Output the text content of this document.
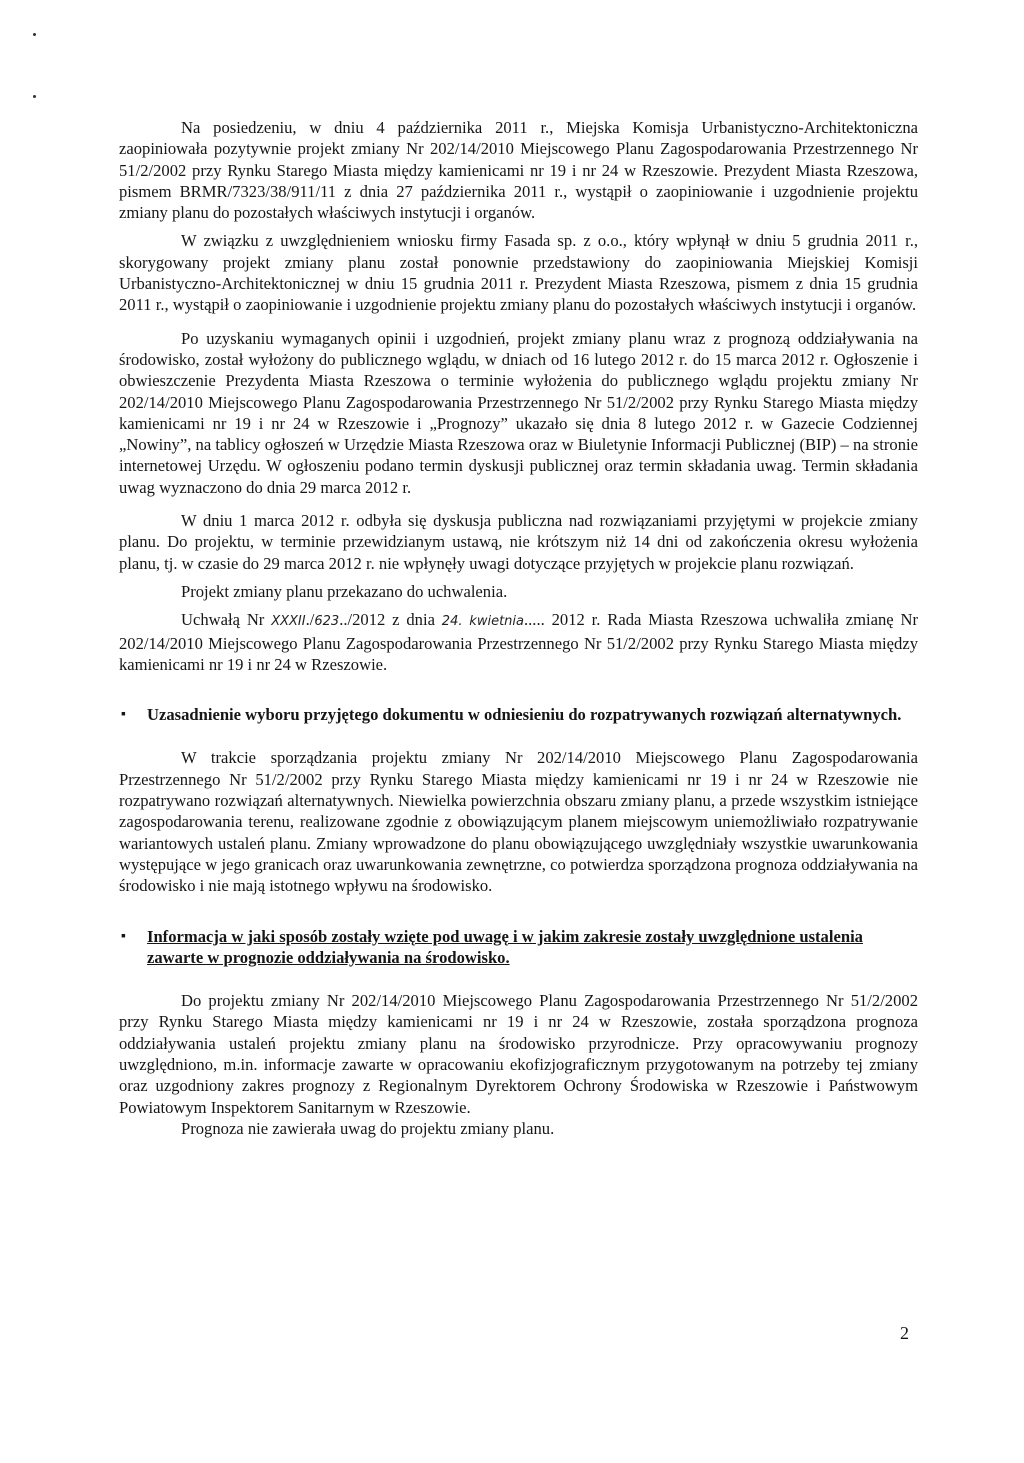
Na posiedzeniu, w dniu 4 października 2011 r., Miejska Komisja Urbanistyczno-Architektoniczna zaopiniowała pozytywnie projekt zmiany Nr 202/14/2010 Miejscowego Planu Zagospodarowania Przestrzennego Nr 51/2/2002 przy Rynku Starego Miasta między kamienicami nr 19 i nr 24 w Rzeszowie. Prezydent Miasta Rzeszowa, pismem BRMR/7323/38/911/11 z dnia 27 października 2011 r., wystąpił o zaopiniowanie i uzgodnienie projektu zmiany planu do pozostałych właściwych instytucji i organów.

W związku z uwzględnieniem wniosku firmy Fasada sp. z o.o., który wpłynął w dniu 5 grudnia 2011 r., skorygowany projekt zmiany planu został ponownie przedstawiony do zaopiniowania Miejskiej Komisji Urbanistyczno-Architektonicznej w dniu 15 grudnia 2011 r. Prezydent Miasta Rzeszowa, pismem z dnia 15 grudnia 2011 r., wystąpił o zaopiniowanie i uzgodnienie projektu zmiany planu do pozostałych właściwych instytucji i organów.

Po uzyskaniu wymaganych opinii i uzgodnień, projekt zmiany planu wraz z prognozą oddziaływania na środowisko, został wyłożony do publicznego wglądu, w dniach od 16 lutego 2012 r. do 15 marca 2012 r. Ogłoszenie i obwieszczenie Prezydenta Miasta Rzeszowa o terminie wyłożenia do publicznego wglądu projektu zmiany Nr 202/14/2010 Miejscowego Planu Zagospodarowania Przestrzennego Nr 51/2/2002 przy Rynku Starego Miasta między kamienicami nr 19 i nr 24 w Rzeszowie i „Prognozy” ukazało się dnia 8 lutego 2012 r. w Gazecie Codziennej „Nowiny”, na tablicy ogłoszeń w Urzędzie Miasta Rzeszowa oraz w Biuletynie Informacji Publicznej (BIP) – na stronie internetowej Urzędu. W ogłoszeniu podano termin dyskusji publicznej oraz termin składania uwag. Termin składania uwag wyznaczono do dnia 29 marca 2012 r.

W dniu 1 marca 2012 r. odbyła się dyskusja publiczna nad rozwiązaniami przyjętymi w projekcie zmiany planu. Do projektu, w terminie przewidzianym ustawą, nie krótszym niż 14 dni od zakończenia okresu wyłożenia planu, tj. w czasie do 29 marca 2012 r. nie wpłynęły uwagi dotyczące przyjętych w projekcie planu rozwiązań.

Projekt zmiany planu przekazano do uchwalenia.

Uchwałą Nr XXXII./623../2012 z dnia 24. kwietnia..... 2012 r. Rada Miasta Rzeszowa uchwaliła zmianę Nr 202/14/2010 Miejscowego Planu Zagospodarowania Przestrzennego Nr 51/2/2002 przy Rynku Starego Miasta między kamienicami nr 19 i nr 24 w Rzeszowie.

▪	Uzasadnienie wyboru przyjętego dokumentu w odniesieniu do rozpatrywanych rozwiązań alternatywnych.

W trakcie sporządzania projektu zmiany Nr 202/14/2010 Miejscowego Planu Zagospodarowania Przestrzennego Nr 51/2/2002 przy Rynku Starego Miasta między kamienicami nr 19 i nr 24 w Rzeszowie nie rozpatrywano rozwiązań alternatywnych. Niewielka powierzchnia obszaru zmiany planu, a przede wszystkim istniejące zagospodarowania terenu, realizowane zgodnie z obowiązującym planem miejscowym uniemożliwiało rozpatrywanie wariantowych ustaleń planu. Zmiany wprowadzone do planu obowiązującego uwzględniały wszystkie uwarunkowania występujące w jego granicach oraz uwarunkowania zewnętrzne, co potwierdza sporządzona prognoza oddziaływania na środowisko i nie mają istotnego wpływu na środowisko.

▪	Informacja w jaki sposób zostały wzięte pod uwagę i w jakim zakresie zostały uwzględnione ustalenia zawarte w prognozie oddziaływania na środowisko.

Do projektu zmiany Nr 202/14/2010 Miejscowego Planu Zagospodarowania Przestrzennego Nr 51/2/2002 przy Rynku Starego Miasta między kamienicami nr 19 i nr 24 w Rzeszowie, została sporządzona prognoza oddziaływania ustaleń projektu zmiany planu na środowisko przyrodnicze. Przy opracowywaniu prognozy uwzględniono, m.in. informacje zawarte w opracowaniu ekofizjograficznym przygotowanym na potrzeby tej zmiany oraz uzgodniony zakres prognozy z Regionalnym Dyrektorem Ochrony Środowiska w Rzeszowie i Państwowym Powiatowym Inspektorem Sanitarnym w Rzeszowie.

Prognoza nie zawierała uwag do projektu zmiany planu.

2
